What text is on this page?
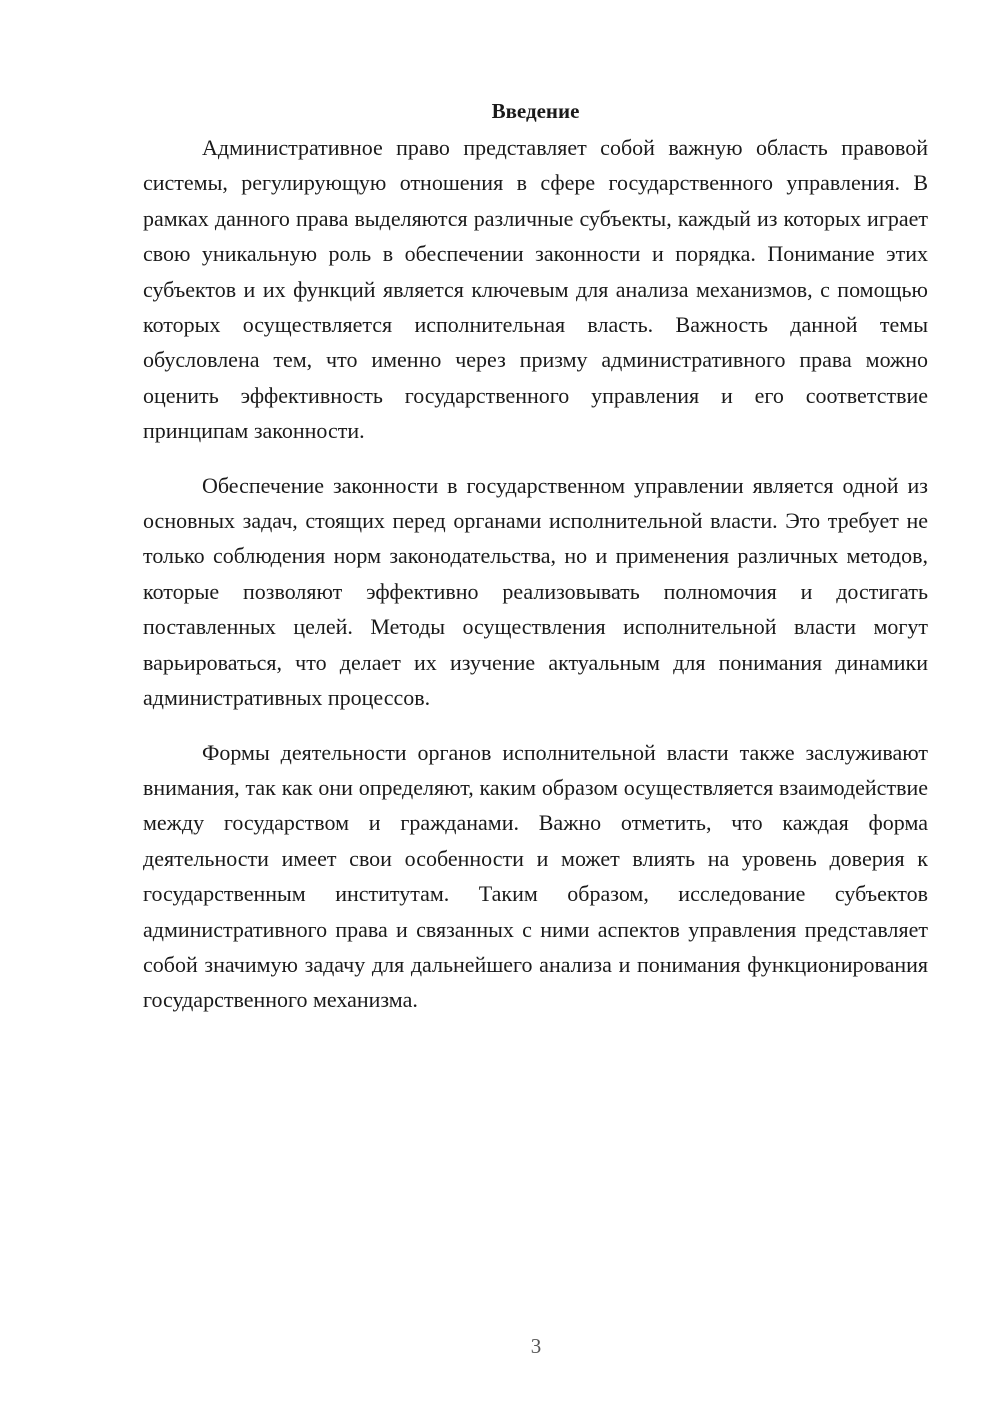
Введение

Административное право представляет собой важную область правовой системы, регулирующую отношения в сфере государственного управления. В рамках данного права выделяются различные субъекты, каждый из которых играет свою уникальную роль в обеспечении законности и порядка. Понимание этих субъектов и их функций является ключевым для анализа механизмов, с помощью которых осуществляется исполнительная власть. Важность данной темы обусловлена тем, что именно через призму административного права можно оценить эффективность государственного управления и его соответствие принципам законности.

Обеспечение законности в государственном управлении является одной из основных задач, стоящих перед органами исполнительной власти. Это требует не только соблюдения норм законодательства, но и применения различных методов, которые позволяют эффективно реализовывать полномочия и достигать поставленных целей. Методы осуществления исполнительной власти могут варьироваться, что делает их изучение актуальным для понимания динамики административных процессов.

Формы деятельности органов исполнительной власти также заслуживают внимания, так как они определяют, каким образом осуществляется взаимодействие между государством и гражданами. Важно отметить, что каждая форма деятельности имеет свои особенности и может влиять на уровень доверия к государственным институтам. Таким образом, исследование субъектов административного права и связанных с ними аспектов управления представляет собой значимую задачу для дальнейшего анализа и понимания функционирования государственного механизма.

3
